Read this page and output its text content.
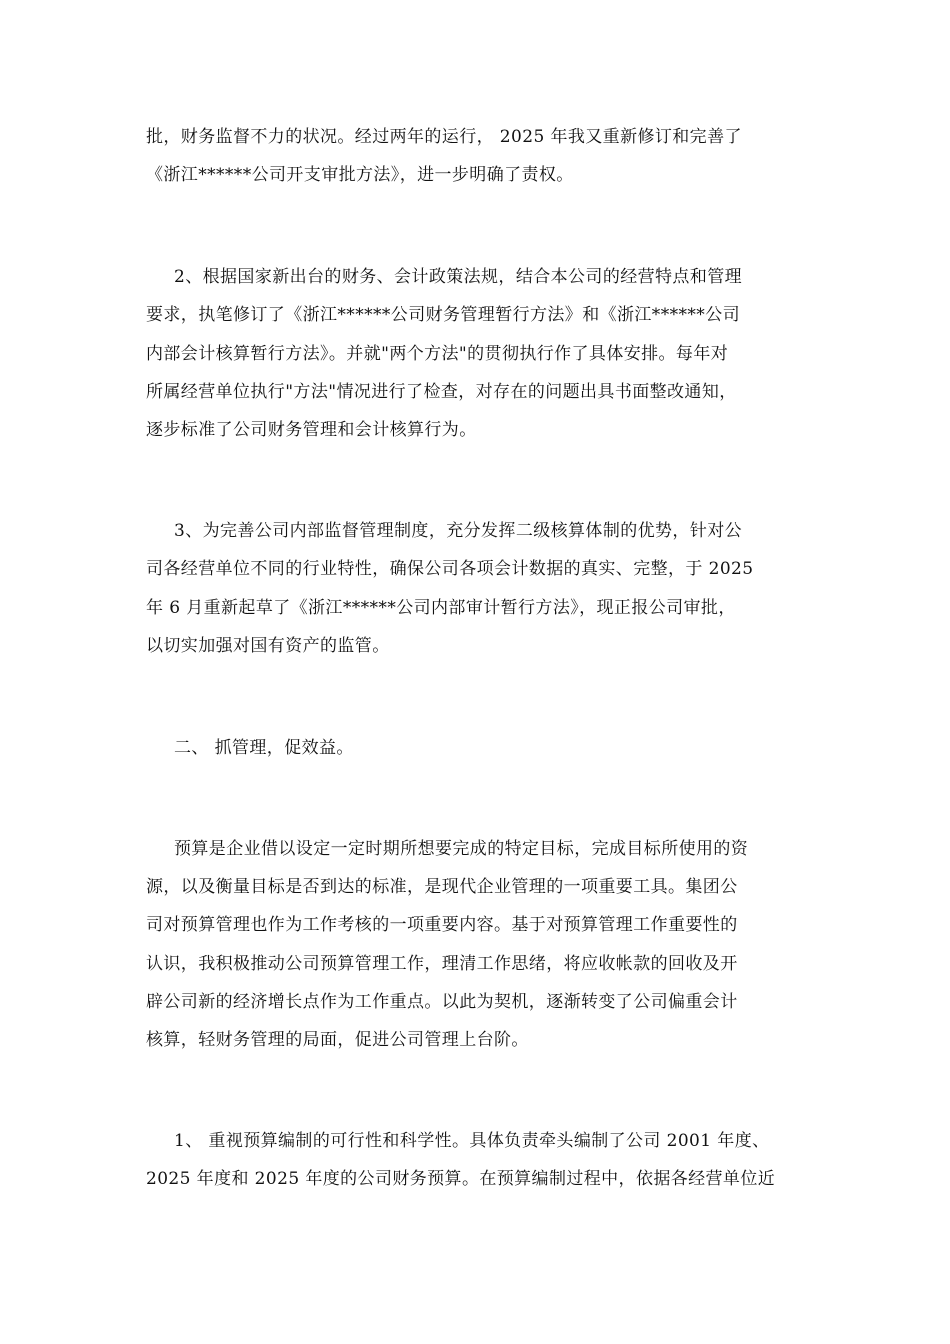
批，财务监督不力的状况。经过两年的运行， 2025 年我又重新修订和完善了
《浙江******公司开支审批方法》，进一步明确了责权。
2、根据国家新出台的财务、会计政策法规，结合本公司的经营特点和管理
要求，执笔修订了《浙江******公司财务管理暂行方法》和《浙江******公司
内部会计核算暂行方法》。并就"两个方法"的贯彻执行作了具体安排。每年对
所属经营单位执行"方法"情况进行了检查，对存在的问题出具书面整改通知，
逐步标准了公司财务管理和会计核算行为。
3、为完善公司内部监督管理制度，充分发挥二级核算体制的优势，针对公
司各经营单位不同的行业特性，确保公司各项会计数据的真实、完整，于 2025
年 6 月重新起草了《浙江******公司内部审计暂行方法》，现正报公司审批，
以切实加强对国有资产的监管。
二、 抓管理，促效益。
预算是企业借以设定一定时期所想要完成的特定目标，完成目标所使用的资
源，以及衡量目标是否到达的标准，是现代企业管理的一项重要工具。集团公
司对预算管理也作为工作考核的一项重要内容。基于对预算管理工作重要性的
认识，我积极推动公司预算管理工作，理清工作思绪，将应收帐款的回收及开
辟公司新的经济增长点作为工作重点。以此为契机，逐渐转变了公司偏重会计
核算，轻财务管理的局面，促进公司管理上台阶。
1、 重视预算编制的可行性和科学性。具体负责牵头编制了公司 2001 年度、
2025 年度和 2025 年度的公司财务预算。在预算编制过程中，依据各经营单位近
